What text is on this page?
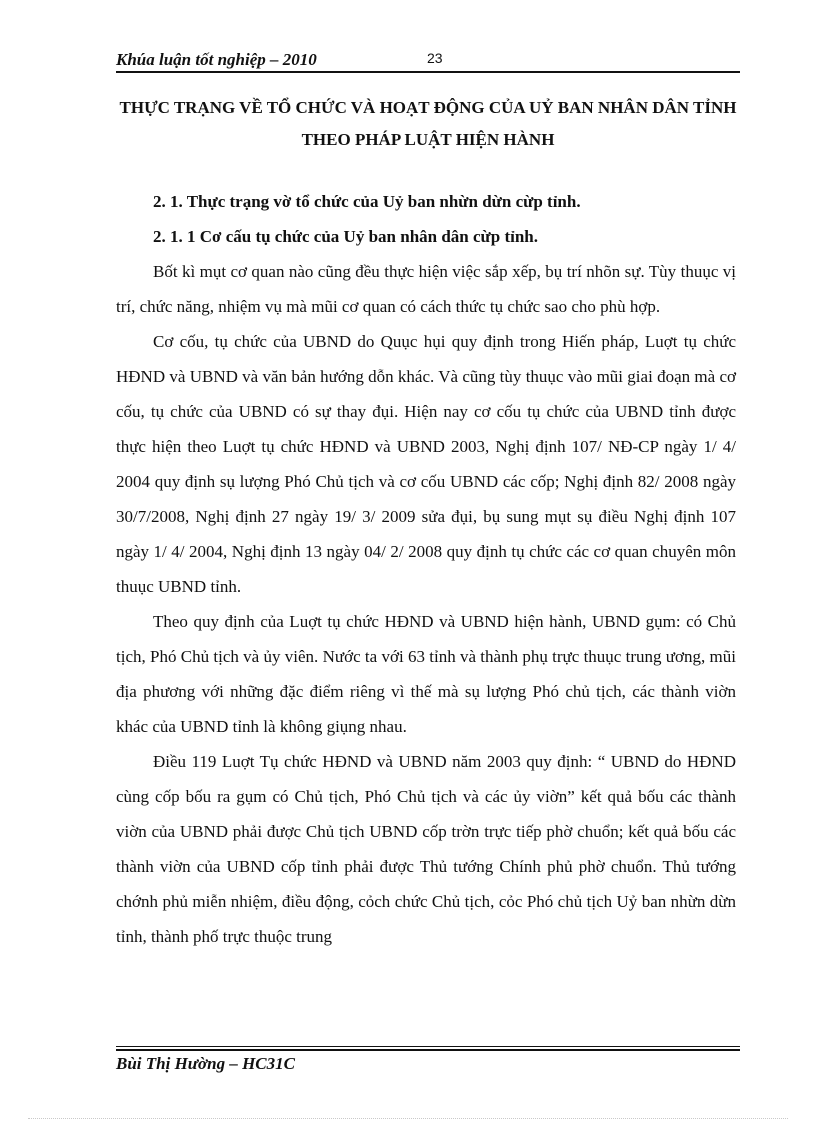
Khúa luận tốt nghiệp – 2010	23
THỰC TRẠNG VỀ TỔ CHỨC VÀ HOẠT ĐỘNG CỦA UỶ BAN NHÂN DÂN TỈNH THEO PHÁP LUẬT HIỆN HÀNH

2. 1. Thực trạng vờ tổ chức của Uỷ ban nhừn dừn cừp tỉnh.

2. 1. 1 Cơ cấu tụ chức của Uỷ ban nhân dân cừp tỉnh.

Bốt kì mụt cơ quan nào cũng đều thực hiện việc sắp xếp, bụ trí nhõn sự. Tùy thuục vị trí, chức năng, nhiệm vụ mà mũi cơ quan có cách thức tụ chức sao cho phù hợp.

Cơ cốu, tụ chức của UBND do Quục hụi quy định trong Hiến pháp, Luợt tụ chức HĐND và UBND và văn bản hướng dỗn khác. Và cũng tùy thuục vào mũi giai đoạn mà cơ cốu, tụ chức của UBND có sự thay đụi. Hiện nay cơ cốu tụ chức của UBND tỉnh được thực hiện theo Luợt tụ chức HĐND và UBND 2003, Nghị định 107/ NĐ-CP ngày 1/ 4/ 2004 quy định sụ lượng Phó Chủ tịch và cơ cốu UBND các cốp; Nghị định 82/ 2008 ngày 30/7/2008, Nghị định 27 ngày 19/ 3/ 2009 sửa đụi, bụ sung mụt sụ điều Nghị định 107 ngày 1/ 4/ 2004, Nghị định 13 ngày 04/ 2/ 2008 quy định tụ chức các cơ quan chuyên môn thuục UBND tỉnh.

Theo quy định của Luợt tụ chức HĐND và UBND hiện hành, UBND gụm: có Chủ tịch, Phó Chủ tịch và ủy viên. Nước ta với 63 tỉnh và thành phụ trực thuục trung ương, mũi địa phương với những đặc điểm riêng vì thế mà sụ lượng Phó chủ tịch, các thành viờn khác của UBND tỉnh là không giụng nhau.

Điều 119 Luợt Tụ chức HĐND và UBND năm 2003 quy định: “ UBND do HĐND cùng cốp bốu ra gụm có Chủ tịch, Phó Chủ tịch và các ủy viờn” kết quả bốu các thành viờn của UBND phải được Chủ tịch UBND cốp trờn trực tiếp phờ chuổn; kết quả bốu các thành viờn của UBND cốp tỉnh phải được Thủ tướng Chính phủ phờ chuổn. Thủ tướng chớnh phủ miễn nhiệm, điều động, cỏch chức Chủ tịch, cỏc Phó chủ tịch Uỷ ban nhừn dừn tỉnh, thành phố trực thuộc trung

Bùi Thị Hường – HC31C
